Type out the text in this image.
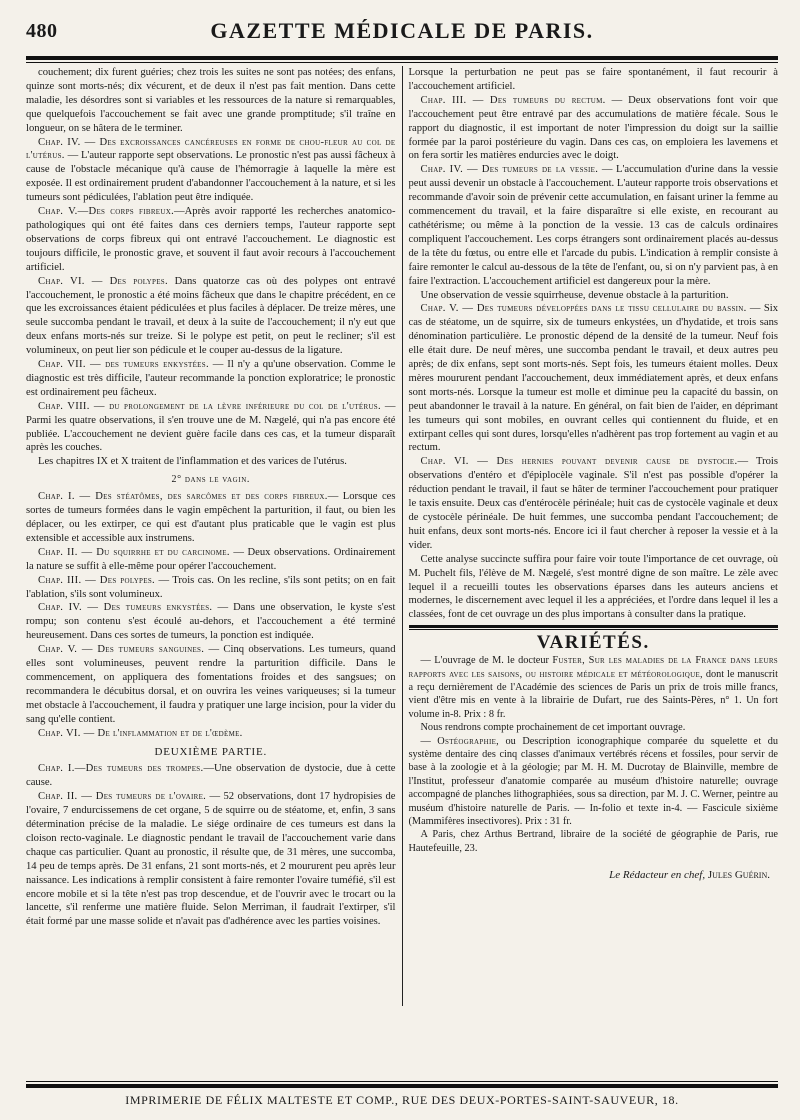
480	GAZETTE MÉDICALE DE PARIS.

couchement; dix furent guéries; chez trois les suites ne sont pas notées; des enfans, quinze sont morts-nés; dix vécurent, et de deux il n'est pas fait mention. Dans cette maladie, les désordres sont si variables et les ressources de la nature si remarquables, que quelquefois l'accouchement se fait avec une grande promptitude; s'il traîne en longueur, on se hâtera de le terminer.

Chap. IV. — Des excroissances cancéreuses en forme de chou-fleur au col de l'utérus. — L'auteur rapporte sept observations. Le pronostic n'est pas aussi fâcheux à cause de l'obstacle mécanique qu'à cause de l'hémorragie à laquelle la mère est exposée. Il est ordinairement prudent d'abandonner l'accouchement à la nature, et si les tumeurs sont pédiculées, l'ablation peut être indiquée.

Chap. V.—Des corps fibreux.—Après avoir rapporté les recherches anatomico-pathologiques qui ont été faites dans ces derniers temps, l'auteur rapporte sept observations de corps fibreux qui ont entravé l'accouchement. Le diagnostic est toujours difficile, le pronostic grave, et souvent il faut avoir recours à l'accouchement artificiel.

Chap. VI. — Des polypes. Dans quatorze cas où des polypes ont entravé l'accouchement, le pronostic a été moins fâcheux que dans le chapitre précédent, en ce que les excroissances étaient pédiculées et plus faciles à déplacer. De treize mères, une seule succomba pendant le travail, et deux à la suite de l'accouchement; il n'y eut que deux enfans morts-nés sur treize. Si le polype est petit, on peut le recliner; s'il est volumineux, on peut lier son pédicule et le couper au-dessus de la ligature.

Chap. VII. — des tumeurs enkystées. — Il n'y a qu'une observation. Comme le diagnostic est très difficile, l'auteur recommande la ponction exploratrice; le pronostic est ordinairement peu fâcheux.

Chap. VIII. — du prolongement de la lèvre inférieure du col de l'utérus. — Parmi les quatre observations, il s'en trouve une de M. Nægelé, qui n'a pas encore été publiée. L'accouchement ne devient guère facile dans ces cas, et la tumeur disparaît après les couches.

Les chapitres IX et X traitent de l'inflammation et des varices de l'utérus.

2° dans le vagin.

Chap. I. — Des stéatômes, des sarcômes et des corps fibreux.— Lorsque ces sortes de tumeurs formées dans le vagin empêchent la parturition, il faut, ou bien les déplacer, ou les extirper, ce qui est d'autant plus praticable que le vagin est plus extensible et accessible aux instrumens.

Chap. II. — Du squirrhe et du carcinome. — Deux observations. Ordinairement la nature se suffit à elle-même pour opérer l'accouchement.

Chap. III. — Des polypes. — Trois cas. On les recline, s'ils sont petits; on en fait l'ablation, s'ils sont volumineux.

Chap. IV. — Des tumeurs enkystées. — Dans une observation, le kyste s'est rompu; son contenu s'est écoulé au-dehors, et l'accouchement a été terminé heureusement. Dans ces sortes de tumeurs, la ponction est indiquée.

Chap. V. — Des tumeurs sanguines. — Cinq observations. Les tumeurs, quand elles sont volumineuses, peuvent rendre la parturition difficile. Dans le commencement, on appliquera des fomentations froides et des sangsues; on recommandera le décubitus dorsal, et on ouvrira les veines variqueuses; si la tumeur met obstacle à l'accouchement, il faudra y pratiquer une large incision, pour la vider du sang qu'elle contient.

Chap. VI. — De l'inflammation et de l'œdème.

DEUXIÈME PARTIE.

Chap. I.—Des tumeurs des trompes.—Une observation de dystocie, due à cette cause.

Chap. II. — Des tumeurs de l'ovaire. — 52 observations, dont 17 hydropisies de l'ovaire, 7 endurcissemens de cet organe, 5 de squirre ou de stéatome, et, enfin, 3 sans détermination précise de la maladie. Le siége ordinaire de ces tumeurs est dans la cloison recto-vaginale. Le diagnostic pendant le travail de l'accouchement varie dans chaque cas particulier. Quant au pronostic, il résulte que, de 31 mères, une succomba, 14 peu de temps après. De 31 enfans, 21 sont morts-nés, et 2 moururent peu après leur naissance. Les indications à remplir consistent à faire remonter l'ovaire tuméfié, s'il est encore mobile et si la tête n'est pas trop descendue, et de l'ouvrir avec le trocart ou la lancette, s'il renferme une matière fluide. Selon Merriman, il faudrait l'extirper, s'il était formé par une masse solide et n'avait pas d'adhérence avec les parties voisines.

Lorsque la perturbation ne peut pas se faire spontanément, il faut recourir à l'accouchement artificiel.

Chap. III. — Des tumeurs du rectum. — Deux observations font voir que l'accouchement peut être entravé par des accumulations de matière fécale. Sous le rapport du diagnostic, il est important de noter l'impression du doigt sur la saillie formée par la paroi postérieure du vagin. Dans ces cas, on emploiera les lavemens et on fera sortir les matières endurcies avec le doigt.

Chap. IV. — Des tumeurs de la vessie. — L'accumulation d'urine dans la vessie peut aussi devenir un obstacle à l'accouchement. L'auteur rapporte trois observations et recommande d'avoir soin de prévenir cette accumulation, en faisant uriner la femme au commencement du travail, et la faire disparaître si elle existe, en recourant au cathétérisme; ou même à la ponction de la vessie. 13 cas de calculs ordinaires compliquent l'accouchement. Les corps étrangers sont ordinairement placés au-dessus de la tête du fœtus, ou entre elle et l'arcade du pubis. L'indication à remplir consiste à faire remonter le calcul au-dessous de la tête de l'enfant, ou, si on n'y parvient pas, à en faire l'extraction. L'accouchement artificiel est dangereux pour la mère.

Une observation de vessie squirrheuse, devenue obstacle à la parturition.

Chap. V. — Des tumeurs développées dans le tissu cellulaire du bassin. — Six cas de stéatome, un de squirre, six de tumeurs enkystées, un d'hydatide, et trois sans dénomination particulière. Le pronostic dépend de la densité de la tumeur. Neuf fois elle était dure. De neuf mères, une succomba pendant le travail, et deux autres peu après; de dix enfans, sept sont morts-nés. Sept fois, les tumeurs étaient molles. Deux mères moururent pendant l'accouchement, deux immédiatement après, et deux enfans sont morts-nés. Lorsque la tumeur est molle et diminue peu la capacité du bassin, on peut abandonner le travail à la nature. En général, on fait bien de l'aider, en déprimant les tumeurs qui sont mobiles, en ouvrant celles qui contiennent du fluide, et en extirpant celles qui sont dures, lorsqu'elles n'adhèrent pas trop fortement au vagin et au rectum.

Chap. VI. — Des hernies pouvant devenir cause de dystocie.— Trois observations d'entéro et d'épiplocèle vaginale. S'il n'est pas possible d'opérer la réduction pendant le travail, il faut se hâter de terminer l'accouchement pour pratiquer le taxis ensuite. Deux cas d'entérocèle périnéale; huit cas de cystocèle vaginale et deux de cystocèle périnéale. De huit femmes, une succomba pendant l'accouchement; de huit enfans, deux sont morts-nés. Encore ici il faut chercher à reposer la vessie et à la vider.

Cette analyse succincte suffira pour faire voir toute l'importance de cet ouvrage, où M. Puchelt fils, l'élève de M. Nægelé, s'est montré digne de son maître. Le zèle avec lequel il a recueilli toutes les observations éparses dans les auteurs anciens et modernes, le discernement avec lequel il les a appréciées, et l'ordre dans lequel il les a classées, font de cet ouvrage un des plus importans à consulter dans la pratique.

VARIÉTÉS.

— L'ouvrage de M. le docteur Fuster, Sur les maladies de la France dans leurs rapports avec les saisons, ou histoire médicale et météorologique, dont le manuscrit a reçu dernièrement de l'Académie des sciences de Paris un prix de trois mille francs, vient d'être mis en vente à la librairie de Dufart, rue des Saints-Pères, n° 1. Un fort volume in-8. Prix : 8 fr.

Nous rendrons compte prochainement de cet important ouvrage.

— Ostéographie, ou Description iconographique comparée du squelette et du système dentaire des cinq classes d'animaux vertébrés récens et fossiles, pour servir de base à la zoologie et à la géologie; par M. H. M. Ducrotay de Blainville, membre de l'Institut, professeur d'anatomie comparée au muséum d'histoire naturelle; ouvrage accompagné de planches lithographiées, sous sa direction, par M. J. C. Werner, peintre au muséum d'histoire naturelle de Paris. — In-folio et texte in-4. — Fascicule sixième (Mammifères insectivores). Prix : 31 fr.

A Paris, chez Arthus Bertrand, libraire de la société de géographie de Paris, rue Hautefeuille, 23.

Le Rédacteur en chef, Jules Guérin.
IMPRIMERIE DE FÉLIX MALTESTE ET COMP., RUE DES DEUX-PORTES-SAINT-SAUVEUR, 18.
